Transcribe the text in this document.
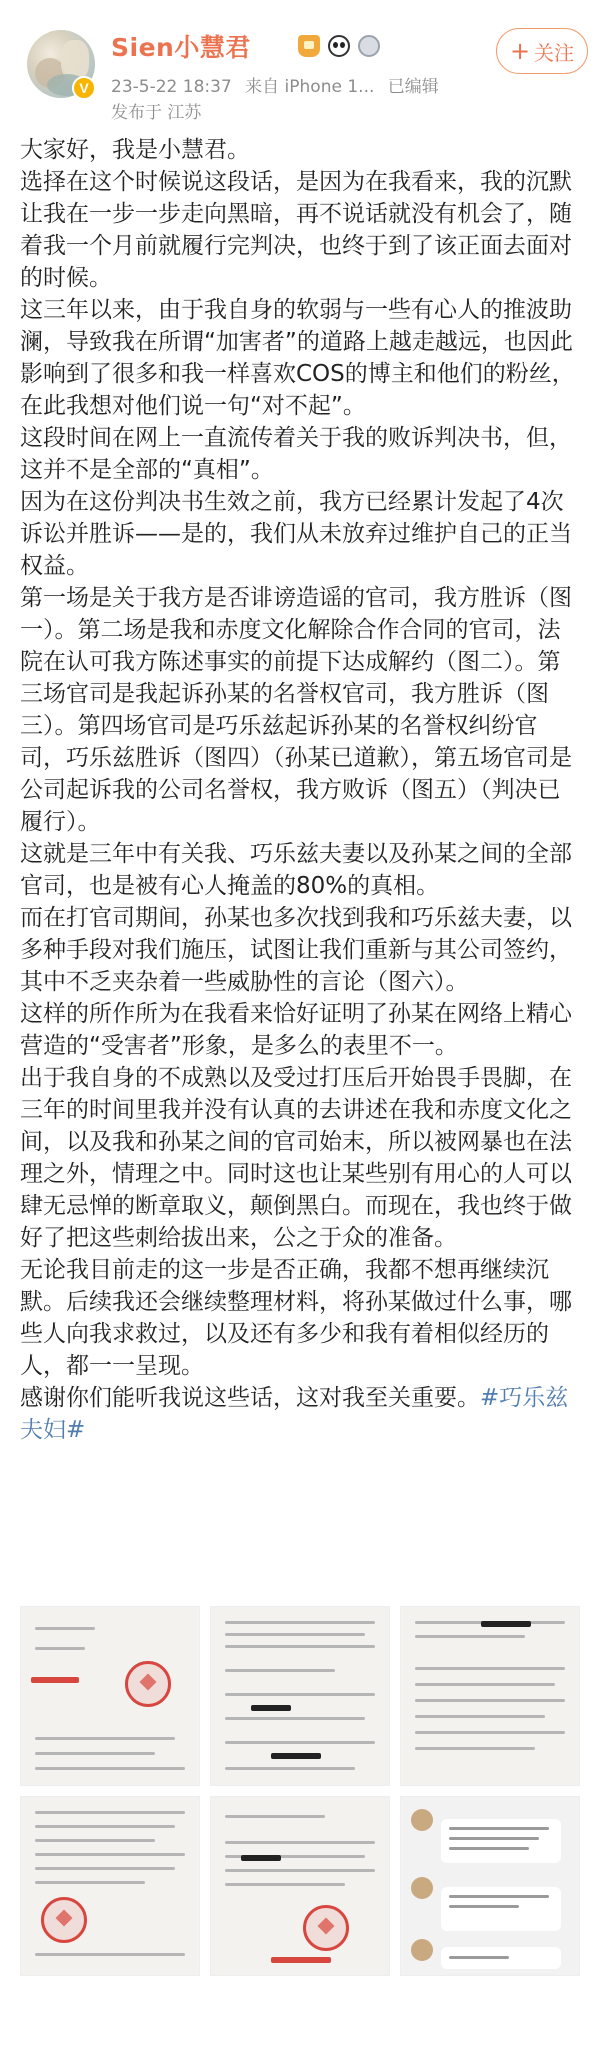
V
Sien小慧君
23-5-22 18:37 来自 iPhone 1... 已编辑
发布于 江苏
+ 关注

大家好，我是小慧君。

选择在这个时候说这段话，是因为在我看来，我的沉默让我在一步一步走向黑暗，再不说话就没有机会了，随着我一个月前就履行完判决，也终于到了该正面去面对的时候。

这三年以来，由于我自身的软弱与一些有心人的推波助澜，导致我在所谓“加害者”的道路上越走越远，也因此影响到了很多和我一样喜欢COS的博主和他们的粉丝，在此我想对他们说一句“对不起”。

这段时间在网上一直流传着关于我的败诉判决书，但，这并不是全部的“真相”。

因为在这份判决书生效之前，我方已经累计发起了4次诉讼并胜诉——是的，我们从未放弃过维护自己的正当权益。

第一场是关于我方是否诽谤造谣的官司，我方胜诉（图一）。第二场是我和赤度文化解除合作合同的官司，法院在认可我方陈述事实的前提下达成解约（图二）。第三场官司是我起诉孙某的名誉权官司，我方胜诉（图三）。第四场官司是巧乐兹起诉孙某的名誉权纠纷官司，巧乐兹胜诉（图四）（孙某已道歉），第五场官司是公司起诉我的公司名誉权，我方败诉（图五）（判决已履行）。

这就是三年中有关我、巧乐兹夫妻以及孙某之间的全部官司，也是被有心人掩盖的80%的真相。

而在打官司期间，孙某也多次找到我和巧乐兹夫妻，以多种手段对我们施压，试图让我们重新与其公司签约，其中不乏夹杂着一些威胁性的言论（图六）。

这样的所作所为在我看来恰好证明了孙某在网络上精心营造的“受害者”形象，是多么的表里不一。

出于我自身的不成熟以及受过打压后开始畏手畏脚，在三年的时间里我并没有认真的去讲述在我和赤度文化之间，以及我和孙某之间的官司始末，所以被网暴也在法理之外，情理之中。同时这也让某些别有用心的人可以肆无忌惮的断章取义，颠倒黑白。而现在，我也终于做好了把这些刺给拔出来，公之于众的准备。

无论我目前走的这一步是否正确，我都不想再继续沉默。后续我还会继续整理材料，将孙某做过什么事，哪些人向我求救过，以及还有多少和我有着相似经历的人，都一一呈现。

感谢你们能听我说这些话，这对我至关重要。#巧乐兹夫妇#
